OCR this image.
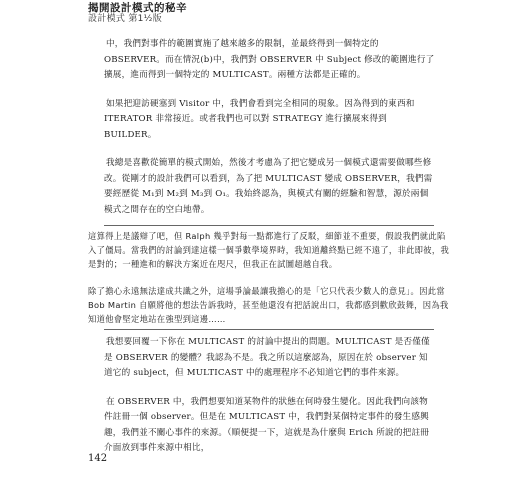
揭開設計模式的秘辛
設計模式 第1½版

中，我們對事件的範圍實施了越來越多的限制，並最終得到一個特定的 OBSERVER。而在情況(b)中，我們對 OBSERVER 中 Subject 修改的範圍進行了擴展，進而得到一個特定的 MULTICAST。兩種方法都是正確的。

如果把迎訪硬塞到 Visitor 中，我們會看到完全相同的現象。因為得到的東西和 ITERATOR 非常接近。或者我們也可以對 STRATEGY 進行擴展來得到 BUILDER。

我總是喜歡從簡單的模式開始，然後才考慮為了把它變成另一個模式還需要做哪些修改。從剛才的設計我們可以看到，為了把 MULTICAST 變成 OBSERVER，我們需要經歷從 M₁到 M₂到 M₃到 O₁。我始終認為，與模式有關的經驗和智慧，源於兩個模式之間存在的空白地帶。

這算得上是議辯了吧，但 Ralph 幾乎對每一點都進行了反駁，細節並不重要，假設我們就此陷入了僵局。當我們的討論到達這樣一個爭數學境界時，我知道離終點已經不遠了，非此即彼，我是對的；一種進和的解決方案近在咫尺，但我正在試圖超越自我。

除了擔心永遠無法達成共識之外，這場爭論最讓我擔心的是「它只代表少數人的意見」。因此當 Bob Martin 自願將他的想法告訴我時，甚至他還沒有把話說出口，我都感到歡欣鼓舞，因為我知道他會堅定地站在強型到這邊……

我想要回覆一下你在 MULTICAST 的討論中提出的問題。MULTICAST 是否僅僅是 OBSERVER 的變體？我認為不是。我之所以這麼認為，原因在於 observer 知道它的 subject，但 MULTICAST 中的處理程序不必知道它們的事件來源。

在 OBSERVER 中，我們想要知道某物件的狀態在何時發生變化。因此我們向該物件註冊一個 observer。但是在 MULTICAST 中，我們對某個特定事件的發生感興趣，我們並不關心事件的來源。（順便提一下，這就是為什麼與 Erich 所說的把註冊介面放到事件來源中相比，

142
